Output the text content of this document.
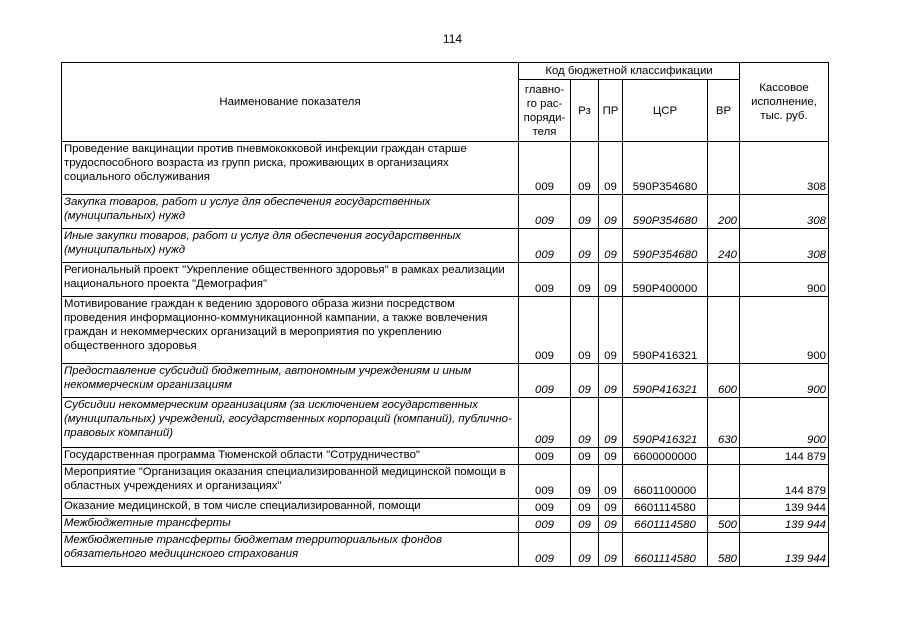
114
Наименование показателя	Код бюджетной классификации					Кассовое исполнение, тыс. руб.
	главно-го рас-поряди-теля	Рз	ПР	ЦСР	ВР	
Проведение вакцинации против пневмококковой инфекции граждан старше трудоспособного возраста из групп риска, проживающих в организациях социального обслуживания	009	09	09	590P354680		308
Закупка товаров, работ и услуг для обеспечения государственных (муниципальных) нужд	009	09	09	590P354680	200	308
Иные закупки товаров, работ и услуг для обеспечения государственных (муниципальных) нужд	009	09	09	590P354680	240	308
Региональный проект "Укрепление общественного здоровья" в рамках реализации национального проекта "Демография"	009	09	09	590P400000		900
Мотивирование граждан к ведению здорового образа жизни посредством проведения информационно-коммуникационной кампании, а также вовлечения граждан и некоммерческих организаций в мероприятия по укреплению общественного здоровья	009	09	09	590P416321		900
Предоставление субсидий бюджетным, автономным учреждениям и иным некоммерческим организациям	009	09	09	590P416321	600	900
Субсидии некоммерческим организациям (за исключением государственных (муниципальных) учреждений, государственных корпораций (компаний), публично-правовых компаний)	009	09	09	590P416321	630	900
Государственная программа Тюменской области "Сотрудничество"	009	09	09	6600000000		144 879
Мероприятие "Организация оказания специализированной медицинской помощи в областных учреждениях и организациях"	009	09	09	6601100000		144 879
Оказание медицинской, в том числе специализированной, помощи	009	09	09	6601114580		139 944
Межбюджетные трансферты	009	09	09	6601114580	500	139 944
Межбюджетные трансферты бюджетам территориальных фондов обязательного медицинского страхования	009	09	09	6601114580	580	139 944
